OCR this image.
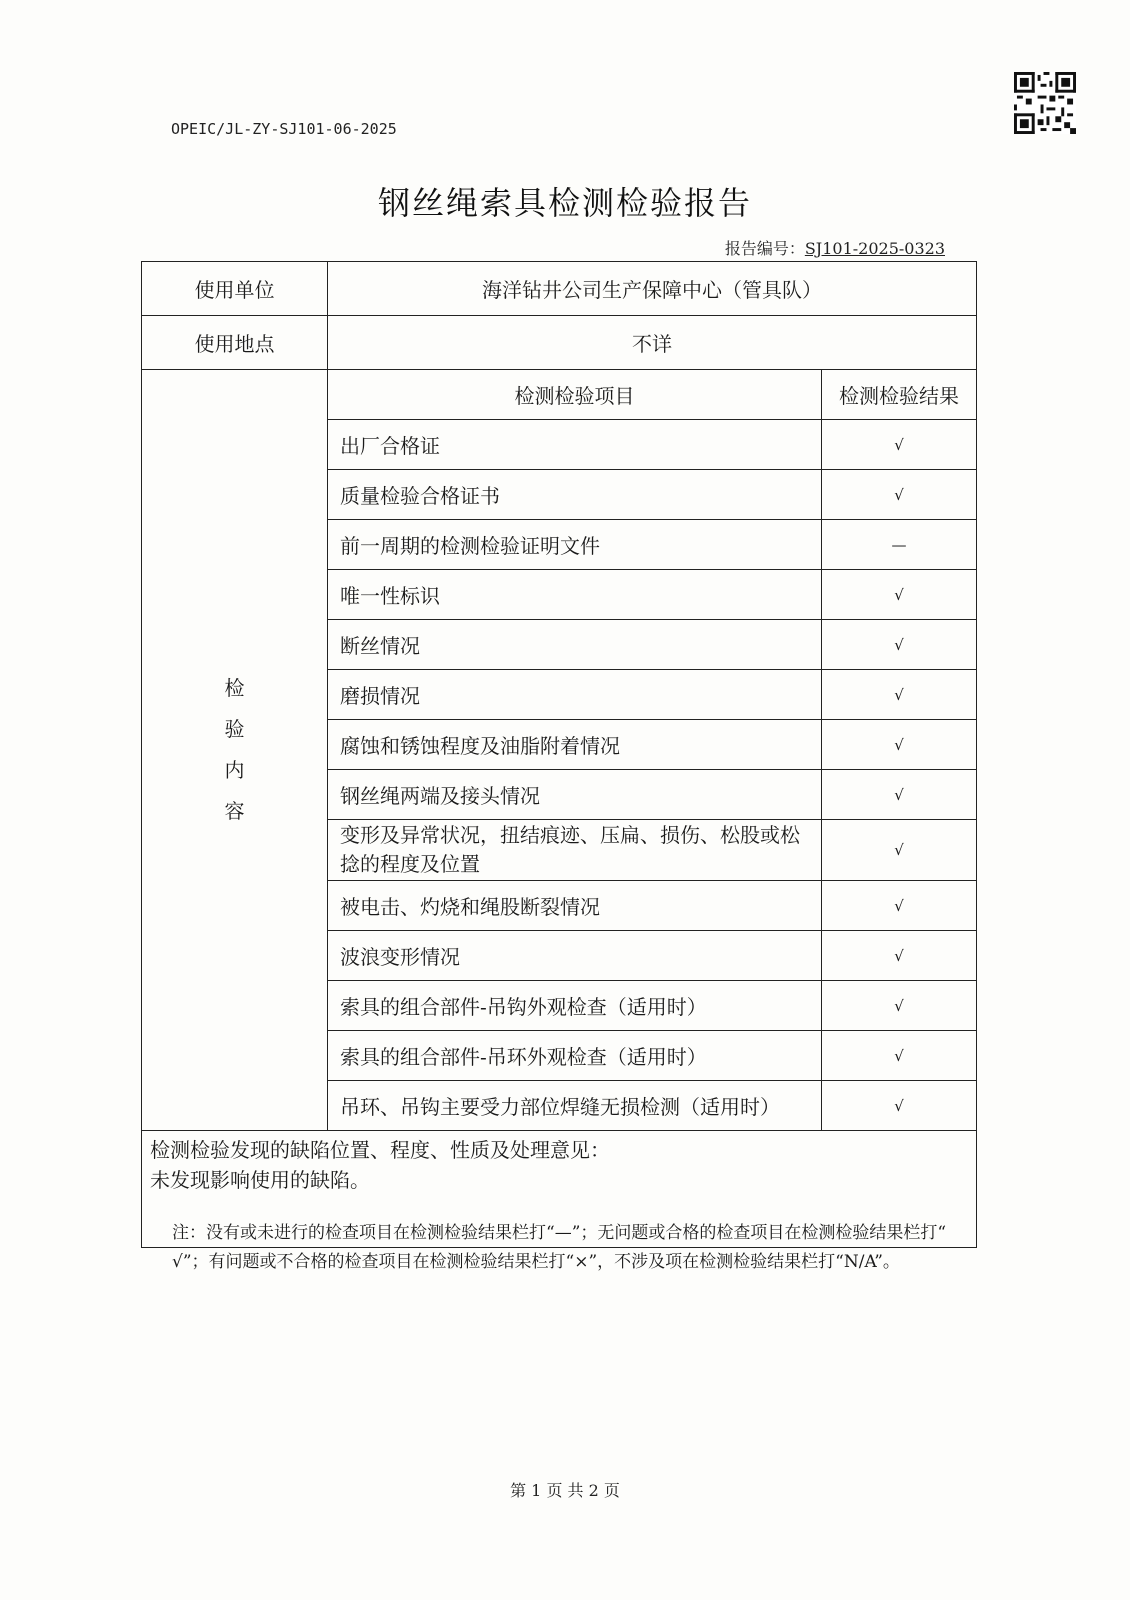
OPEIC/JL-ZY-SJ101-06-2025
钢丝绳索具检测检验报告
报告编号：SJ101-2025-0323
使用单位	海洋钻井公司生产保障中心（管具队）	
使用地点	不详	

检
验
内
容	检测检验项目	检测检验结果
	出厂合格证	√
	质量检验合格证书	√
	前一周期的检测检验证明文件	—
	唯一性标识	√
	断丝情况	√
	磨损情况	√
	腐蚀和锈蚀程度及油脂附着情况	√
	钢丝绳两端及接头情况	√
	变形及异常状况，扭结痕迹、压扁、损伤、松股或松捻的程度及位置	√
	被电击、灼烧和绳股断裂情况	√
	波浪变形情况	√
	索具的组合部件-吊钩外观检查（适用时）	√
	索具的组合部件-吊环外观检查（适用时）	√
	吊环、吊钩主要受力部位焊缝无损检测（适用时）	√

检测检验发现的缺陷位置、程度、性质及处理意见：
未发现影响使用的缺陷。		
注：没有或未进行的检查项目在检测检验结果栏打“—”；无问题或合格的检查项目在检测检验结果栏打“ √”；有问题或不合格的检查项目在检测检验结果栏打“×”，不涉及项在检测检验结果栏打“N/A”。
第 1 页 共 2 页
